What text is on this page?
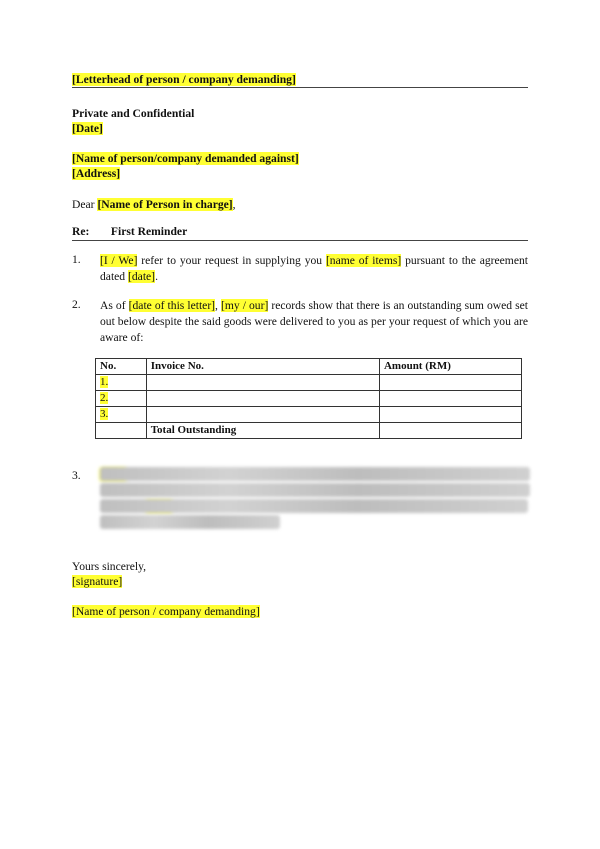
[Letterhead of person / company demanding]
Private and Confidential
[Date]
[Name of person/company demanded against]
[Address]
Dear [Name of Person in charge],
Re: First Reminder
1. [I / We] refer to your request in supplying you [name of items] pursuant to the agreement dated [date].
2. As of [date of this letter], [my / our] records show that there is an outstanding sum owed set out below despite the said goods were delivered to you as per your request of which you are aware of:
No.	Invoice No.	Amount (RM)
1.		
2.		
3.		
	Total Outstanding	
3.
Yours sincerely,
[signature]
[Name of person / company demanding]
